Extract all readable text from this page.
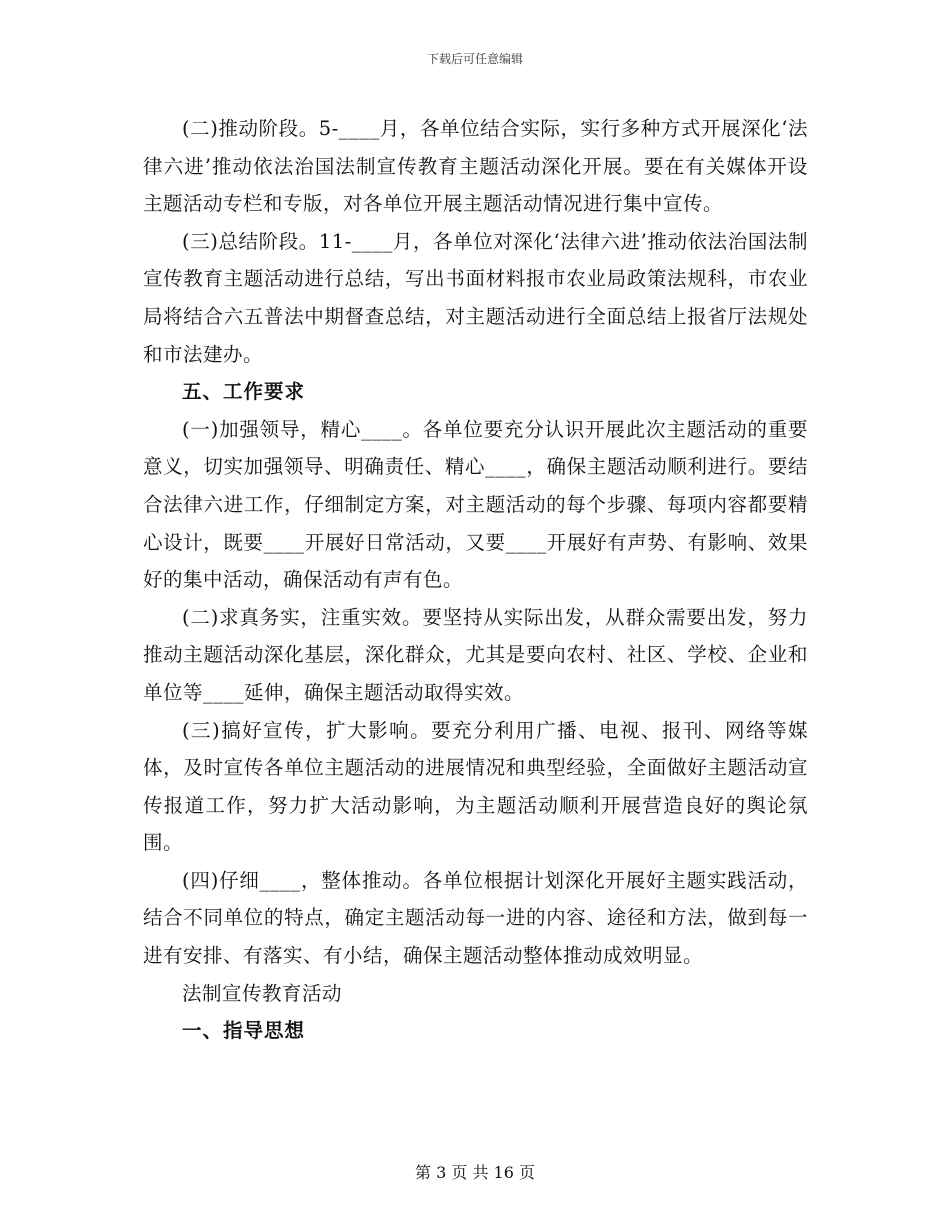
下载后可任意编辑

(二)推动阶段。5-____月，各单位结合实际，实行多种方式开展深化‘法律六进’推动依法治国法制宣传教育主题活动深化开展。要在有关媒体开设主题活动专栏和专版，对各单位开展主题活动情况进行集中宣传。

(三)总结阶段。11-____月，各单位对深化‘法律六进’推动依法治国法制宣传教育主题活动进行总结，写出书面材料报市农业局政策法规科，市农业局将结合六五普法中期督查总结，对主题活动进行全面总结上报省厅法规处和市法建办。

五、工作要求

(一)加强领导，精心____。各单位要充分认识开展此次主题活动的重要意义，切实加强领导、明确责任、精心____，确保主题活动顺利进行。要结合法律六进工作，仔细制定方案，对主题活动的每个步骤、每项内容都要精心设计，既要____开展好日常活动，又要____开展好有声势、有影响、效果好的集中活动，确保活动有声有色。

(二)求真务实，注重实效。要坚持从实际出发，从群众需要出发，努力推动主题活动深化基层，深化群众，尤其是要向农村、社区、学校、企业和单位等____延伸，确保主题活动取得实效。

(三)搞好宣传，扩大影响。要充分利用广播、电视、报刊、网络等媒体，及时宣传各单位主题活动的进展情况和典型经验，全面做好主题活动宣传报道工作，努力扩大活动影响，为主题活动顺利开展营造良好的舆论氛围。

(四)仔细____，整体推动。各单位根据计划深化开展好主题实践活动，结合不同单位的特点，确定主题活动每一进的内容、途径和方法，做到每一进有安排、有落实、有小结，确保主题活动整体推动成效明显。

法制宣传教育活动

一、指导思想

第 3 页 共 16 页
